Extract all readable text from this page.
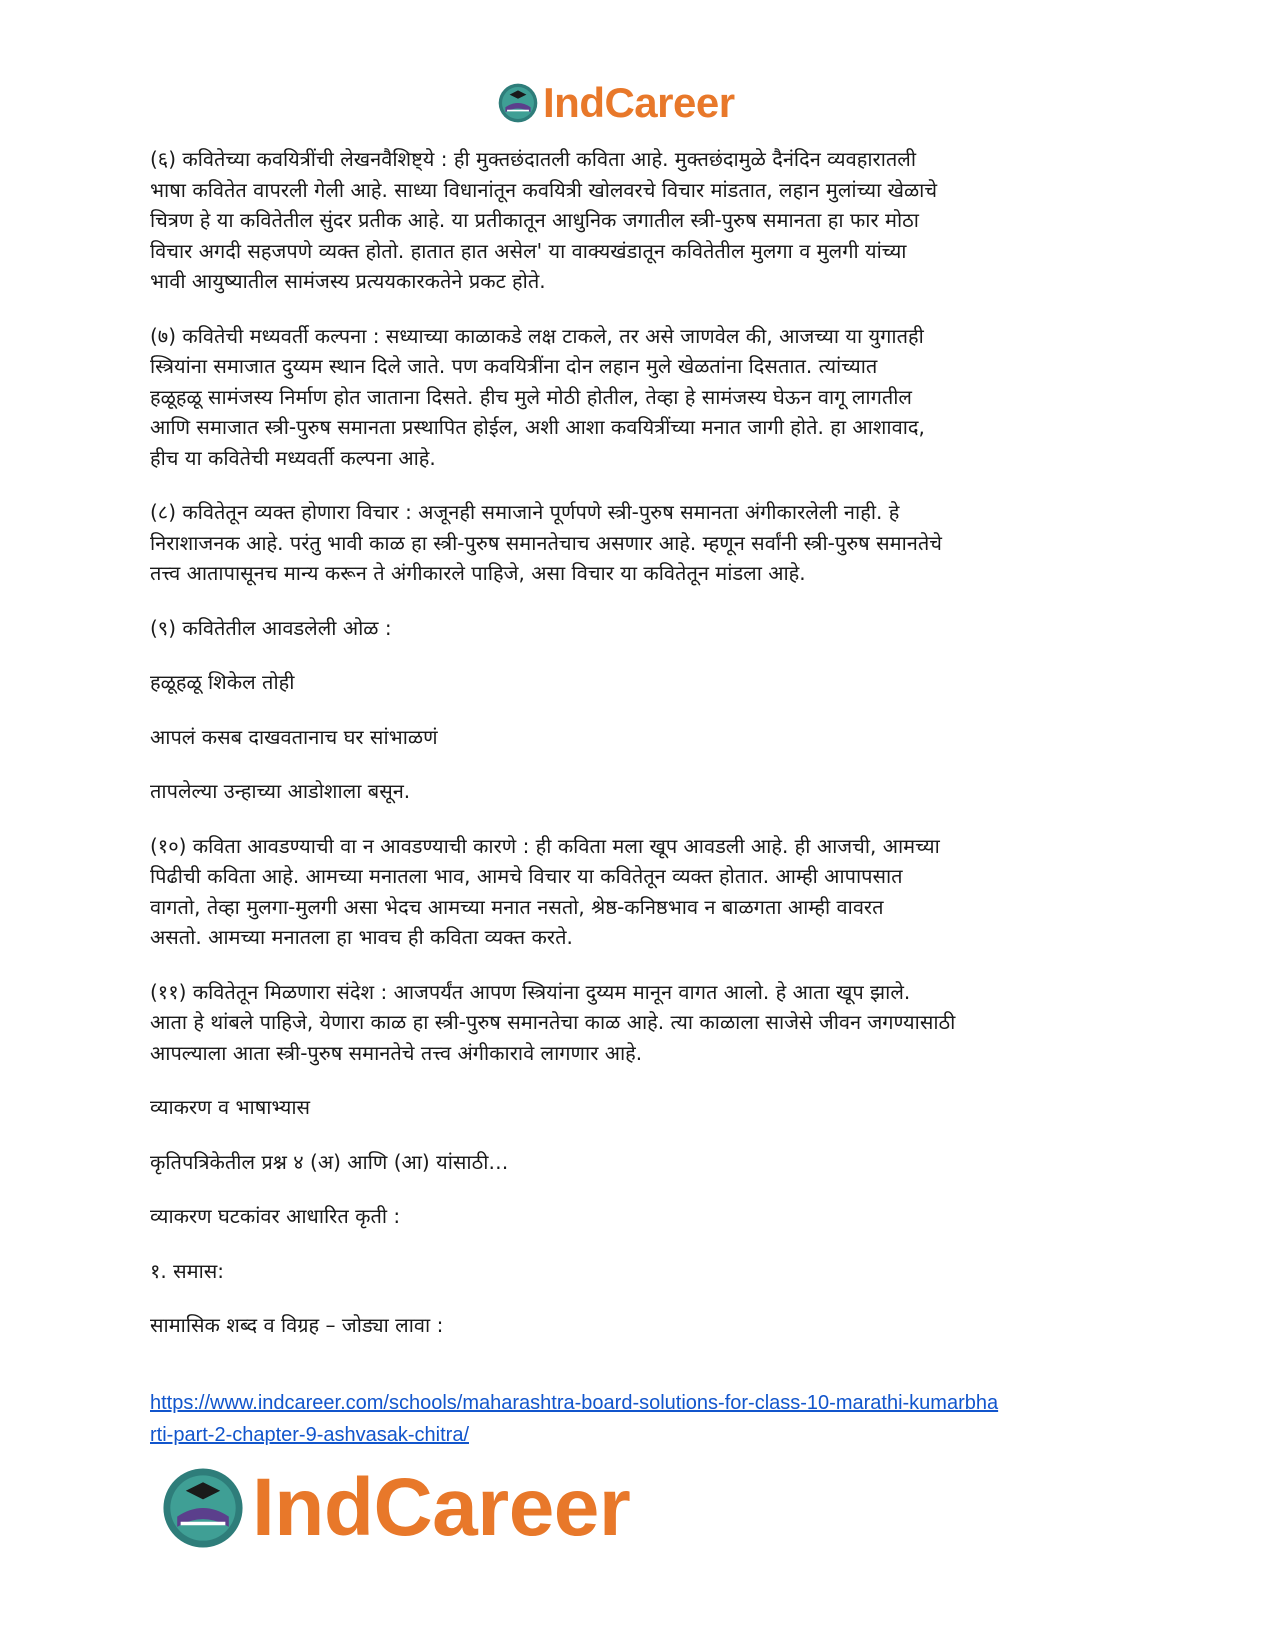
IndCareer

(६) कवितेच्या कवयित्रींची लेखनवैशिष्ट्ये : ही मुक्तछंदातली कविता आहे. मुक्तछंदामुळे दैनंदिन व्यवहारातली
भाषा कवितेत वापरली गेली आहे. साध्या विधानांतून कवयित्री खोलवरचे विचार मांडतात, लहान मुलांच्या खेळाचे
चित्रण हे या कवितेतील सुंदर प्रतीक आहे. या प्रतीकातून आधुनिक जगातील स्त्री-पुरुष समानता हा फार मोठा
विचार अगदी सहजपणे व्यक्त होतो. हातात हात असेल' या वाक्यखंडातून कवितेतील मुलगा व मुलगी यांच्या
भावी आयुष्यातील सामंजस्य प्रत्ययकारकतेने प्रकट होते.

(७) कवितेची मध्यवर्ती कल्पना : सध्याच्या काळाकडे लक्ष टाकले, तर असे जाणवेल की, आजच्या या युगातही
स्त्रियांना समाजात दुय्यम स्थान दिले जाते. पण कवयित्रींना दोन लहान मुले खेळतांना दिसतात. त्यांच्यात
हळूहळू सामंजस्य निर्माण होत जाताना दिसते. हीच मुले मोठी होतील, तेव्हा हे सामंजस्य घेऊन वागू लागतील
आणि समाजात स्त्री-पुरुष समानता प्रस्थापित होईल, अशी आशा कवयित्रींच्या मनात जागी होते. हा आशावाद,
हीच या कवितेची मध्यवर्ती कल्पना आहे.

(८) कवितेतून व्यक्त होणारा विचार : अजूनही समाजाने पूर्णपणे स्त्री-पुरुष समानता अंगीकारलेली नाही. हे
निराशाजनक आहे. परंतु भावी काळ हा स्त्री-पुरुष समानतेचाच असणार आहे. म्हणून सर्वांनी स्त्री-पुरुष समानतेचे
तत्त्व आतापासूनच मान्य करून ते अंगीकारले पाहिजे, असा विचार या कवितेतून मांडला आहे.

(९) कवितेतील आवडलेली ओळ :

हळूहळू शिकेल तोही

आपलं कसब दाखवतानाच घर सांभाळणं

तापलेल्या उन्हाच्या आडोशाला बसून.

(१०) कविता आवडण्याची वा न आवडण्याची कारणे : ही कविता मला खूप आवडली आहे. ही आजची, आमच्या
पिढीची कविता आहे. आमच्या मनातला भाव, आमचे विचार या कवितेतून व्यक्त होतात. आम्ही आपापसात
वागतो, तेव्हा मुलगा-मुलगी असा भेदच आमच्या मनात नसतो, श्रेष्ठ-कनिष्ठभाव न बाळगता आम्ही वावरत
असतो. आमच्या मनातला हा भावच ही कविता व्यक्त करते.

(११) कवितेतून मिळणारा संदेश : आजपर्यंत आपण स्त्रियांना दुय्यम मानून वागत आलो. हे आता खूप झाले.
आता हे थांबले पाहिजे, येणारा काळ हा स्त्री-पुरुष समानतेचा काळ आहे. त्या काळाला साजेसे जीवन जगण्यासाठी
आपल्याला आता स्त्री-पुरुष समानतेचे तत्त्व अंगीकारावे लागणार आहे.

व्याकरण व भाषाभ्यास

कृतिपत्रिकेतील प्रश्न ४ (अ) आणि (आ) यांसाठी…

व्याकरण घटकांवर आधारित कृती :

१. समास:

सामासिक शब्द व विग्रह – जोड्या लावा :

https://www.indcareer.com/schools/maharashtra-board-solutions-for-class-10-marathi-kumarbha
rti-part-2-chapter-9-ashvasak-chitra/
IndCareer
